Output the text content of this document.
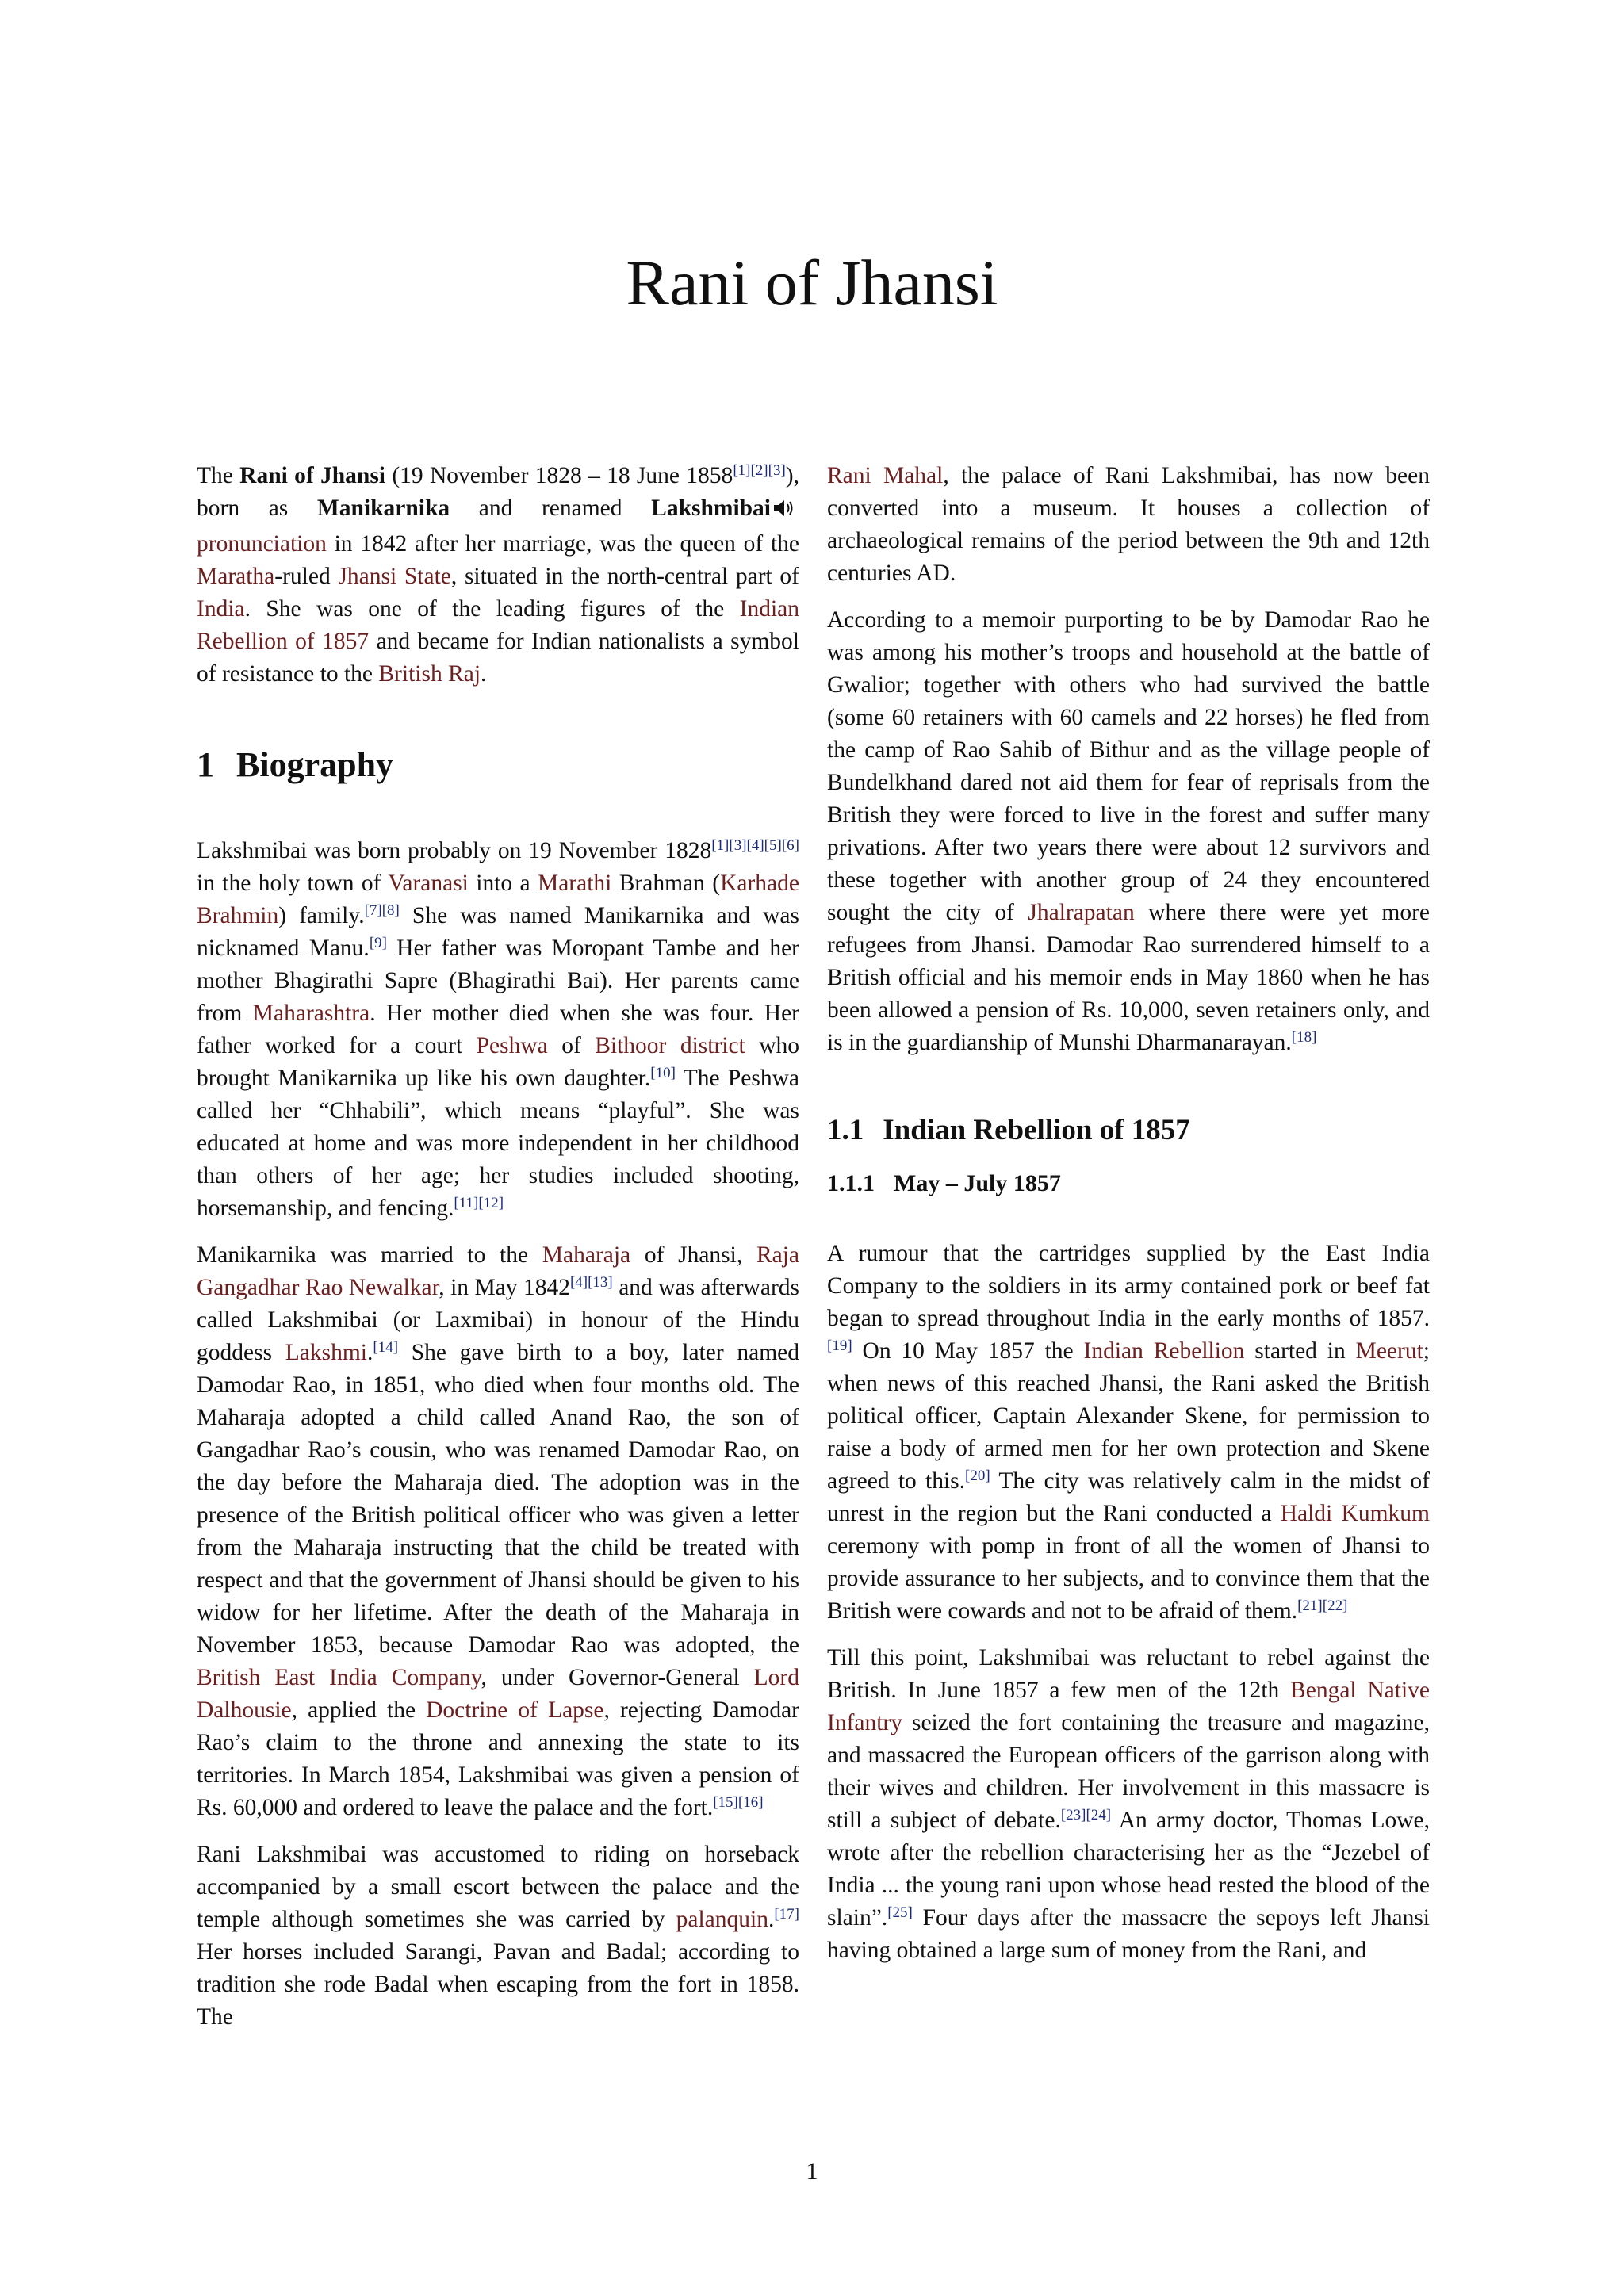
Rani of Jhansi

The Rani of Jhansi (19 November 1828 – 18 June 1858[1][2][3]), born as Manikarnika and renamed Lakshmibaipronunciation in 1842 after her marriage, was the queen of the Maratha-ruled Jhansi State, situated in the north-central part of India. She was one of the leading figures of the Indian Rebellion of 1857 and became for Indian nationalists a symbol of resistance to the British Raj.

1 Biography

Lakshmibai was born probably on 19 November 1828[1][3][4][5][6] in the holy town of Varanasi into a Marathi Brahman (Karhade Brahmin) family.[7][8] She was named Manikarnika and was nicknamed Manu.[9] Her father was Moropant Tambe and her mother Bhagirathi Sapre (Bhagirathi Bai). Her parents came from Maharashtra. Her mother died when she was four. Her father worked for a court Peshwa of Bithoor district who brought Manikarnika up like his own daughter.[10] The Peshwa called her “Chhabili”, which means “playful”. She was educated at home and was more independent in her childhood than others of her age; her studies included shooting, horsemanship, and fencing.[11][12]

Manikarnika was married to the Maharaja of Jhansi, Raja Gangadhar Rao Newalkar, in May 1842[4][13] and was afterwards called Lakshmibai (or Laxmibai) in honour of the Hindu goddess Lakshmi.[14] She gave birth to a boy, later named Damodar Rao, in 1851, who died when four months old. The Maharaja adopted a child called Anand Rao, the son of Gangadhar Rao’s cousin, who was renamed Damodar Rao, on the day before the Maharaja died. The adoption was in the presence of the British political officer who was given a letter from the Maharaja instructing that the child be treated with respect and that the government of Jhansi should be given to his widow for her lifetime. After the death of the Maharaja in November 1853, because Damodar Rao was adopted, the British East India Company, under Governor-General Lord Dalhousie, applied the Doctrine of Lapse, rejecting Damodar Rao’s claim to the throne and annexing the state to its territories. In March 1854, Lakshmibai was given a pension of Rs. 60,000 and ordered to leave the palace and the fort.[15][16]

Rani Lakshmibai was accustomed to riding on horseback accompanied by a small escort between the palace and the temple although sometimes she was carried by palanquin.[17] Her horses included Sarangi, Pavan and Badal; according to tradition she rode Badal when escaping from the fort in 1858. The

Rani Mahal, the palace of Rani Lakshmibai, has now been converted into a museum. It houses a collection of archaeological remains of the period between the 9th and 12th centuries AD.

According to a memoir purporting to be by Damodar Rao he was among his mother’s troops and household at the battle of Gwalior; together with others who had survived the battle (some 60 retainers with 60 camels and 22 horses) he fled from the camp of Rao Sahib of Bithur and as the village people of Bundelkhand dared not aid them for fear of reprisals from the British they were forced to live in the forest and suffer many privations. After two years there were about 12 survivors and these together with another group of 24 they encountered sought the city of Jhalrapatan where there were yet more refugees from Jhansi. Damodar Rao surrendered himself to a British official and his memoir ends in May 1860 when he has been allowed a pension of Rs. 10,000, seven retainers only, and is in the guardianship of Munshi Dharmanarayan.[18]

1.1 Indian Rebellion of 1857
1.1.1 May – July 1857

A rumour that the cartridges supplied by the East India Company to the soldiers in its army contained pork or beef fat began to spread throughout India in the early months of 1857.[19] On 10 May 1857 the Indian Rebellion started in Meerut; when news of this reached Jhansi, the Rani asked the British political officer, Captain Alexander Skene, for permission to raise a body of armed men for her own protection and Skene agreed to this.[20] The city was relatively calm in the midst of unrest in the region but the Rani conducted a Haldi Kumkum ceremony with pomp in front of all the women of Jhansi to provide assurance to her subjects, and to convince them that the British were cowards and not to be afraid of them.[21][22]

Till this point, Lakshmibai was reluctant to rebel against the British. In June 1857 a few men of the 12th Bengal Native Infantry seized the fort containing the treasure and magazine, and massacred the European officers of the garrison along with their wives and children. Her involvement in this massacre is still a subject of debate.[23][24] An army doctor, Thomas Lowe, wrote after the rebellion characterising her as the “Jezebel of India ... the young rani upon whose head rested the blood of the slain”.[25] Four days after the massacre the sepoys left Jhansi having obtained a large sum of money from the Rani, and

1
